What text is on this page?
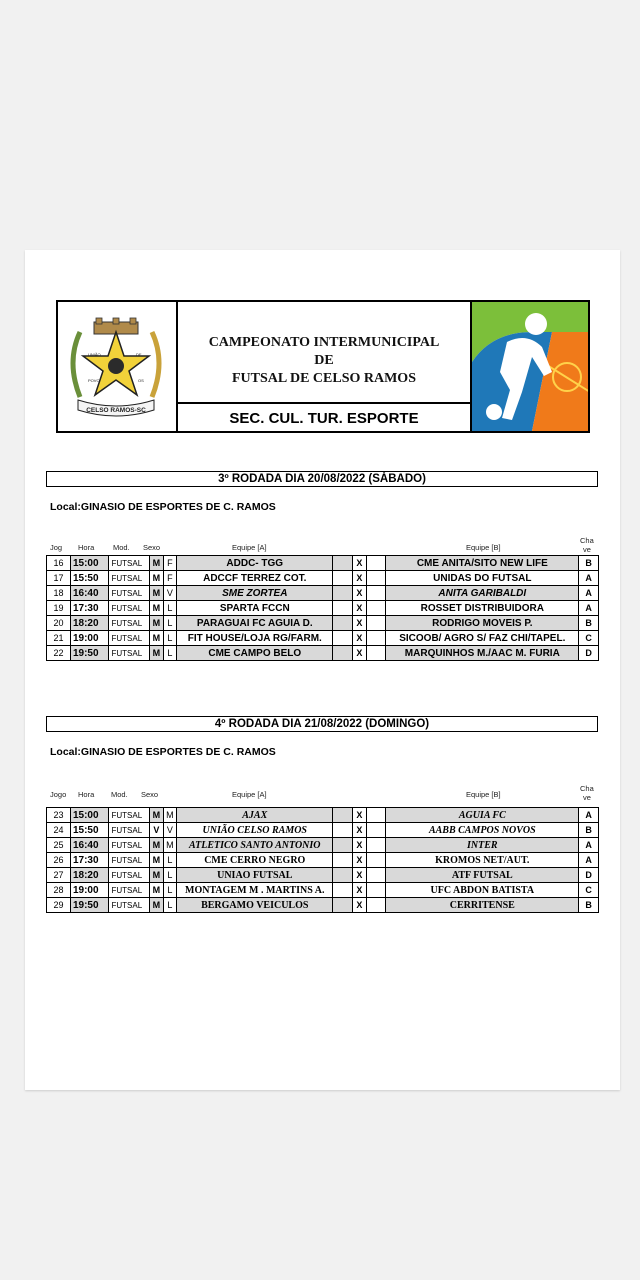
CELSO RAMOS-SC
UNIÃO	DE
POVO	OS
CAMPEONATO INTERMUNICIPAL
DE
FUTSAL DE CELSO RAMOS
SEC. CUL. TUR. ESPORTE
3º RODADA DIA 20/08/2022 (SÁBADO)
Local:GINASIO DE ESPORTES DE C. RAMOS
Jog Hora Mod. Sexo	Equipe [A]	Equipe [B]
Cha
ve
16	15:00	FUTSAL	M	F	ADDC- TGG		X		CME ANITA/SITO NEW LIFE	B
17	15:50	FUTSAL	M	F	ADCCF TERREZ COT.		X		UNIDAS DO FUTSAL	A
18	16:40	FUTSAL	M	V	SME ZORTEA		X		ANITA GARIBALDI	A
19	17:30	FUTSAL	M	L	SPARTA FCCN		X		ROSSET DISTRIBUIDORA	A
20	18:20	FUTSAL	M	L	PARAGUAI FC AGUIA D.		X		RODRIGO MOVEIS P.	B
21	19:00	FUTSAL	M	L	FIT HOUSE/LOJA RG/FARM.		X		SICOOB/ AGRO S/ FAZ CHI/TAPEL.	C
22	19:50	FUTSAL	M	L	CME CAMPO BELO		X		MARQUINHOS M./AAC M. FURIA	D
4º RODADA DIA 21/08/2022 (DOMINGO)
Local:GINASIO DE ESPORTES DE C. RAMOS
Jogo Hora Mod. Sexo	Equipe [A]	Equipe [B]
Cha
ve
23	15:00	FUTSAL	M	M	AJAX		X		AGUIA FC	A
24	15:50	FUTSAL	V	V	UNIÃO CELSO RAMOS		X		AABB CAMPOS NOVOS	B
25	16:40	FUTSAL	M	M	ATLETICO SANTO ANTONIO		X		INTER	A
26	17:30	FUTSAL	M	L	CME CERRO NEGRO		X		KROMOS NET/AUT.	A
27	18:20	FUTSAL	M	L	UNIAO FUTSAL		X		ATF FUTSAL	D
28	19:00	FUTSAL	M	L	MONTAGEM M . MARTINS A.		X		UFC ABDON BATISTA	C
29	19:50	FUTSAL	M	L	BERGAMO VEICULOS		X		CERRITENSE	B
